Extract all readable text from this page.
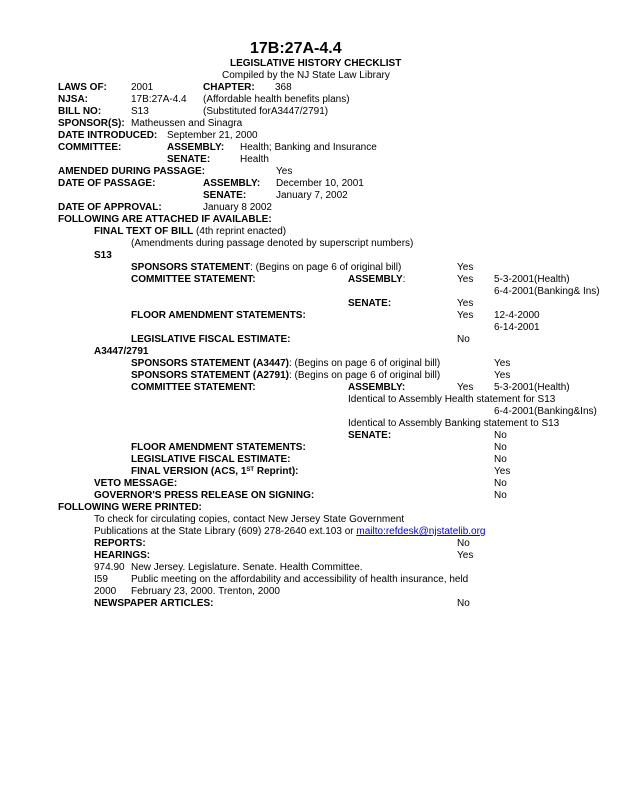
17B:27A-4.4
LEGISLATIVE HISTORY CHECKLIST
Compiled by the NJ State Law Library
LAWS OF: 2001	CHAPTER: 368
NJSA:	17B:27A-4.4 (Affordable health benefits plans)
BILL NO:	S13	(Substituted forA3447/2791)
SPONSOR(S): Matheussen and Sinagra
DATE INTRODUCED: September 21, 2000
COMMITTEE:	ASSEMBLY: Health; Banking and Insurance
SENATE:	Health
AMENDED DURING PASSAGE:	Yes
DATE OF PASSAGE:	ASSEMBLY: December 10, 2001
SENATE:	January 7, 2002
DATE OF APPROVAL:	January 8 2002
FOLLOWING ARE ATTACHED IF AVAILABLE:
FINAL TEXT OF BILL (4th reprint enacted)
(Amendments during passage denoted by superscript numbers)
S13
SPONSORS STATEMENT: (Begins on page 6 of original bill)	Yes
COMMITTEE STATEMENT:	ASSEMBLY:	Yes 5-3-2001(Health)
6-4-2001(Banking& Ins)
SENATE:	Yes
FLOOR AMENDMENT STATEMENTS:	Yes 12-4-2000
6-14-2001
LEGISLATIVE FISCAL ESTIMATE:	No
A3447/2791
SPONSORS STATEMENT (A3447): (Begins on page 6 of original bill)	Yes
SPONSORS STATEMENT (A2791): (Begins on page 6 of original bill)	Yes
COMMITTEE STATEMENT:	ASSEMBLY:	Yes 5-3-2001(Health)
Identical to Assembly Health statement for S13
6-4-2001(Banking&Ins)
Identical to Assembly Banking statement to S13
SENATE:	No
FLOOR AMENDMENT STATEMENTS:	No
LEGISLATIVE FISCAL ESTIMATE:	No
FINAL VERSION (ACS, 1ST Reprint):	Yes
VETO MESSAGE:	No
GOVERNOR'S PRESS RELEASE ON SIGNING:	No
FOLLOWING WERE PRINTED:
To check for circulating copies, contact New Jersey State Government
Publications at the State Library (609) 278-2640 ext.103 or mailto:refdesk@njstatelib.org
REPORTS:	No
HEARINGS:	Yes
974.90 New Jersey. Legislature. Senate. Health Committee.
I59 Public meeting on the affordability and accessibility of health insurance, held
2000 February 23, 2000. Trenton, 2000
NEWSPAPER ARTICLES:	No
